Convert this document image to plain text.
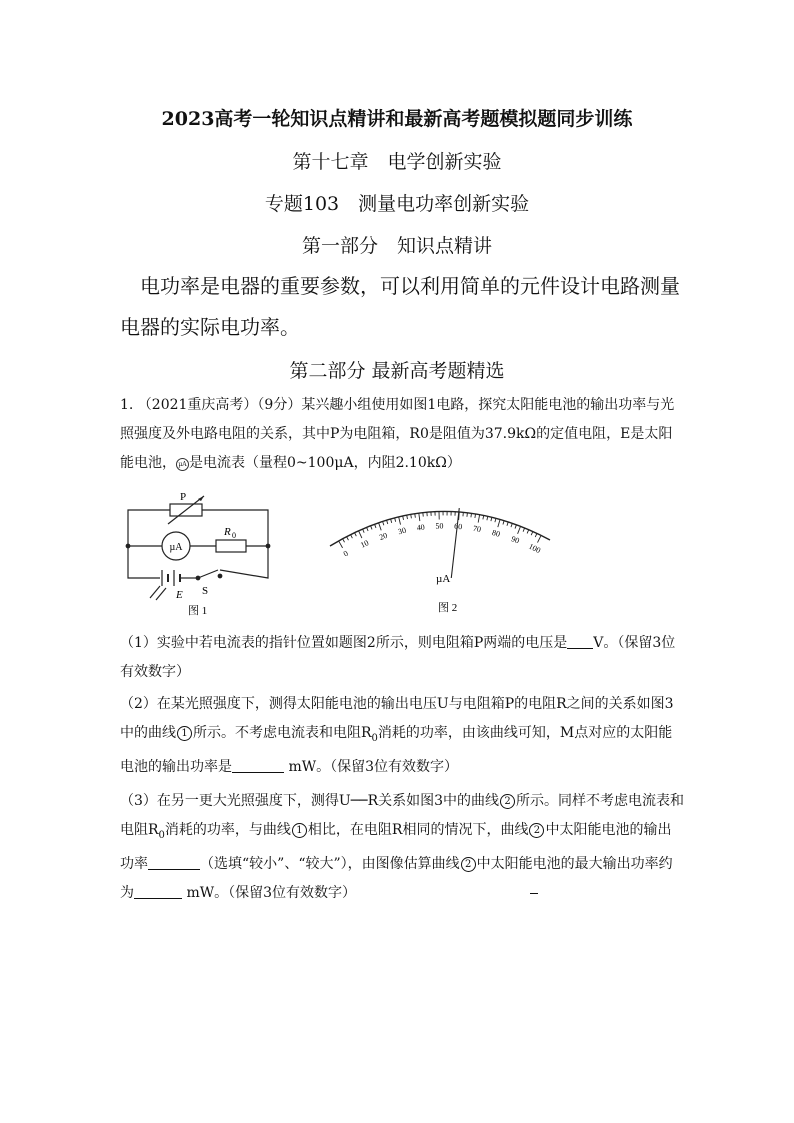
2023高考一轮知识点精讲和最新高考题模拟题同步训练
第十七章　电学创新实验
专题103　测量电功率创新实验
第一部分　知识点精讲
电功率是电器的重要参数，可以利用简单的元件设计电路测量电器的实际电功率。
第二部分 最新高考题精选
1. （2021重庆高考）（9分）某兴趣小组使用如图1电路，探究太阳能电池的输出功率与光照强度及外电路电阻的关系，其中P为电阻箱，R0是阻值为37.9kΩ的定值电阻，E是太阳能电池， µA 是电流表（量程0~100μA，内阻2.10kΩ）
P
µA
R 0
E S
图 1
0
10
20 30 40 50 60 70 80
90
100
µA
图 2
（1）实验中若电流表的指针位置如题图2所示，则电阻箱P两端的电压是 V。（保留3位有效数字）
（2）在某光照强度下，测得太阳能电池的输出电压U与电阻箱P的电阻R之间的关系如图3中的曲线 1 所示。不考虑电流表和电阻$R_0$消耗的功率，由该曲线可知，M点对应的太阳能电池的输出功率是	mW。（保留3位有效数字）
（3）在另一更大光照强度下，测得U──R关系如图3中的曲线 2 所示。同样不考虑电流表和电阻$R_0$消耗的功率，与曲线 1 相比，在电阻R相同的情况下，曲线 2 中太阳能电池的输出功率	（选填“较小”、“较大”），由图像估算曲线 2 中太阳能电池的最大输出功率约为	mW。（保留3位有效数字）
